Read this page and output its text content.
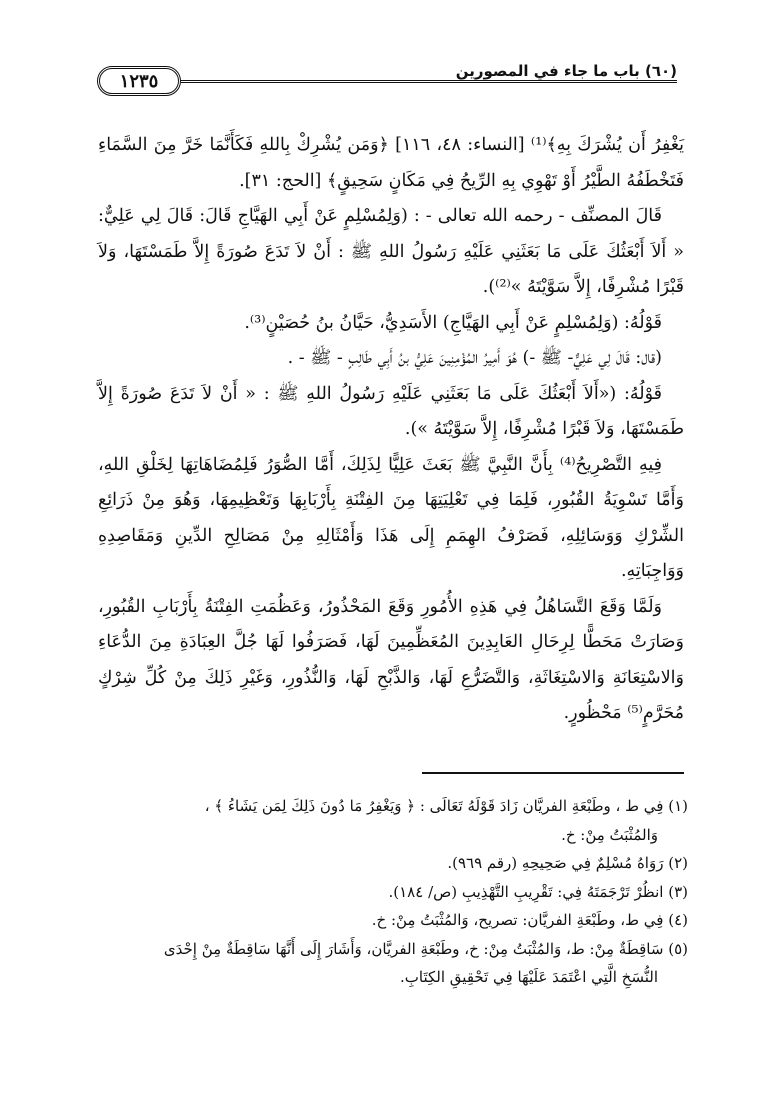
١٢٣٥	(٦٠) باب ما جاء في المصورين

يَغْفِرُ أَن يُشْرَكَ بِهِ﴾⁽¹⁾ [النساء: ٤٨، ١١٦] ﴿وَمَن يُشْرِكْ بِاللهِ فَكَأَنَّمَا خَرَّ مِنَ السَّمَاءِ فَتَخْطَفُهُ الطَّيْرُ أَوْ تَهْوِي بِهِ الرِّيحُ فِي مَكَانٍ سَحِيقٍ﴾ [الحج: ٣١].

قَالَ المصنِّف - رحمه الله تعالى - : (وَلِمُسْلِمٍ عَنْ أَبِي الهَيَّاجِ قَالَ: قَالَ لِي عَلِيٌّ: « أَلاَ أَبْعَثُكَ عَلَى مَا بَعَثَنِي عَلَيْهِ رَسُولُ اللهِ ﷺ : أَنْ لاَ تَدَعَ صُورَةً إِلاَّ طَمَسْتَهَا، وَلاَ قَبْرًا مُشْرِفًا، إِلاَّ سَوَّيْتَهُ »⁽²⁾).

قَوْلُهُ: (وَلِمُسْلِمٍ عَنْ أَبِي الهَيَّاجِ) الأَسَدِيُّ، حَيَّانُ بنُ حُصَيْنٍ⁽³⁾.

(قال: قَالَ لِي عَلِيٌّ- ﷺ -) هُوَ أَمِيرُ المُؤْمِنِينَ عَلِيُّ بنُ أَبِي طَالِبٍ - ﷺ - .

قَوْلُهُ: («أَلاَ أَبْعَثُكَ عَلَى مَا بَعَثَنِي عَلَيْهِ رَسُولُ اللهِ ﷺ : « أَنْ لاَ تَدَعَ صُورَةً إِلاَّ طَمَسْتَهَا، وَلاَ قَبْرًا مُشْرِفًا، إِلاَّ سَوَّيْتَهُ »).

فِيهِ التَّصْرِيحُ⁽⁴⁾ بِأَنَّ النَّبِيَّ ﷺ بَعَثَ عَلِيًّا لِذَلِكَ، أَمَّا الصُّوَرُ فَلِمُضَاهَاتِهَا لِخَلْقِ اللهِ، وَأَمَّا تَسْوِيَةُ القُبُورِ، فَلِمَا فِي تَعْلِيَتِهَا مِنَ الفِتْنَةِ بِأَرْبَابِهَا وَتَعْظِيمِهَا، وَهُوَ مِنْ ذَرَائِعِ الشِّرْكِ وَوَسَائِلِهِ، فَصَرْفُ الهِمَمِ إِلَى هَذَا وَأَمْثَالِهِ مِنْ مَصَالِحِ الدِّينِ وَمَقَاصِدِهِ وَوَاجِبَاتِهِ.

وَلَمَّا وَقَعَ التَّسَاهُلُ فِي هَذِهِ الأُمُورِ وَقَعَ المَحْذُورُ، وَعَظُمَتِ الفِتْنَةُ بِأَرْبَابِ القُبُورِ، وَصَارَتْ مَحَطًّا لِرِحَالِ العَابِدِينَ المُعَظِّمِينَ لَهَا، فَصَرَفُوا لَهَا جُلَّ العِبَادَةِ مِنَ الدُّعَاءِ وَالاسْتِعَانَةِ وَالاسْتِغَاثَةِ، وَالتَّضَرُّعِ لَهَا، وَالذَّبْحِ لَهَا، وَالنُّذُورِ، وَغَيْرِ ذَلِكَ مِنْ كُلِّ شِرْكٍ مُحَرَّمٍ⁽⁵⁾ مَحْظُورٍ.

(١) فِي ط ، وطَبْعَةِ الفريَّان زَادَ قَوْلَهُ تَعَالَى : ﴿ وَيَغْفِرُ مَا دُونَ ذَلِكَ لِمَن يَشَاءُ ﴾ ،

وَالمُثْبَتُ مِنْ: خ.

(٢) رَوَاهُ مُسْلِمٌ فِي صَحِيحِهِ (رقم ٩٦٩).

(٣) انظُرْ تَرْجَمَتَهُ فِي: تَقْرِيبِ التَّهْذِيبِ (ص/ ١٨٤).

(٤) فِي ط، وطَبْعَةِ الفريَّان: تصريح، وَالمُثْبَتُ مِنْ: خ.

(٥) سَاقِطَةٌ مِنْ: ط، وَالمُثْبَتُ مِنْ: خ، وطَبْعَةِ الفريَّان، وَأَشَارَ إِلَى أَنَّهَا سَاقِطَةٌ مِنْ إِحْدَى

النُّسَخِ الَّتِي اعْتَمَدَ عَلَيْهَا فِي تَحْقِيقِ الكِتَابِ.
